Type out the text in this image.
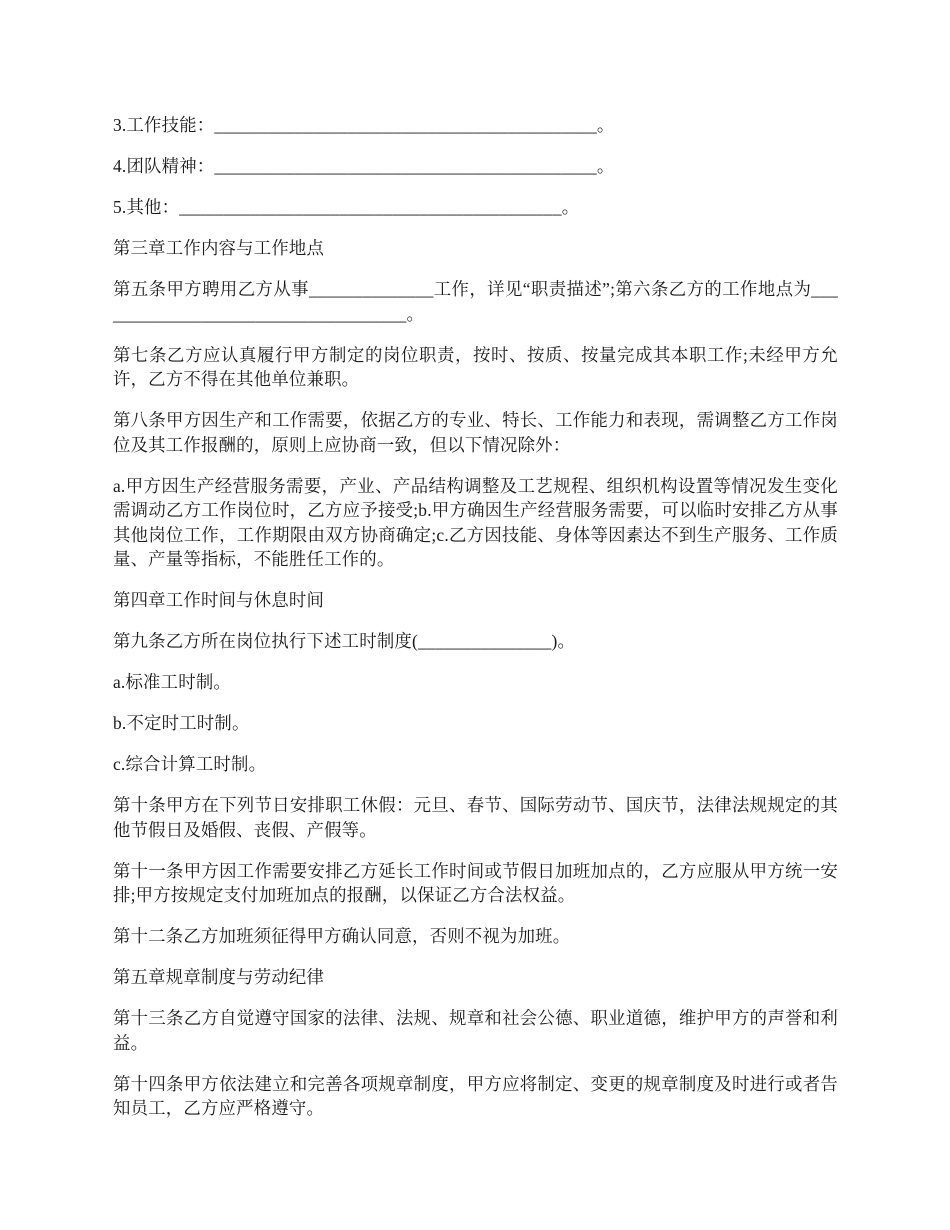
3.工作技能：___________________________________________。

4.团队精神：___________________________________________。

5.其他：___________________________________________。

第三章工作内容与工作地点

第五条甲方聘用乙方从事______________工作，详见“职责描述”;第六条乙方的工作地点为____________________________________。

第七条乙方应认真履行甲方制定的岗位职责，按时、按质、按量完成其本职工作;未经甲方允许，乙方不得在其他单位兼职。

第八条甲方因生产和工作需要，依据乙方的专业、特长、工作能力和表现，需调整乙方工作岗位及其工作报酬的，原则上应协商一致，但以下情况除外：

a.甲方因生产经营服务需要，产业、产品结构调整及工艺规程、组织机构设置等情况发生变化需调动乙方工作岗位时，乙方应予接受;b.甲方确因生产经营服务需要，可以临时安排乙方从事其他岗位工作，工作期限由双方协商确定;c.乙方因技能、身体等因素达不到生产服务、工作质量、产量等指标，不能胜任工作的。

第四章工作时间与休息时间

第九条乙方所在岗位执行下述工时制度(_______________)。

a.标准工时制。

b.不定时工时制。

c.综合计算工时制。

第十条甲方在下列节日安排职工休假：元旦、春节、国际劳动节、国庆节，法律法规规定的其他节假日及婚假、丧假、产假等。

第十一条甲方因工作需要安排乙方延长工作时间或节假日加班加点的，乙方应服从甲方统一安排;甲方按规定支付加班加点的报酬，以保证乙方合法权益。

第十二条乙方加班须征得甲方确认同意，否则不视为加班。

第五章规章制度与劳动纪律

第十三条乙方自觉遵守国家的法律、法规、规章和社会公德、职业道德，维护甲方的声誉和利益。

第十四条甲方依法建立和完善各项规章制度，甲方应将制定、变更的规章制度及时进行或者告知员工，乙方应严格遵守。
